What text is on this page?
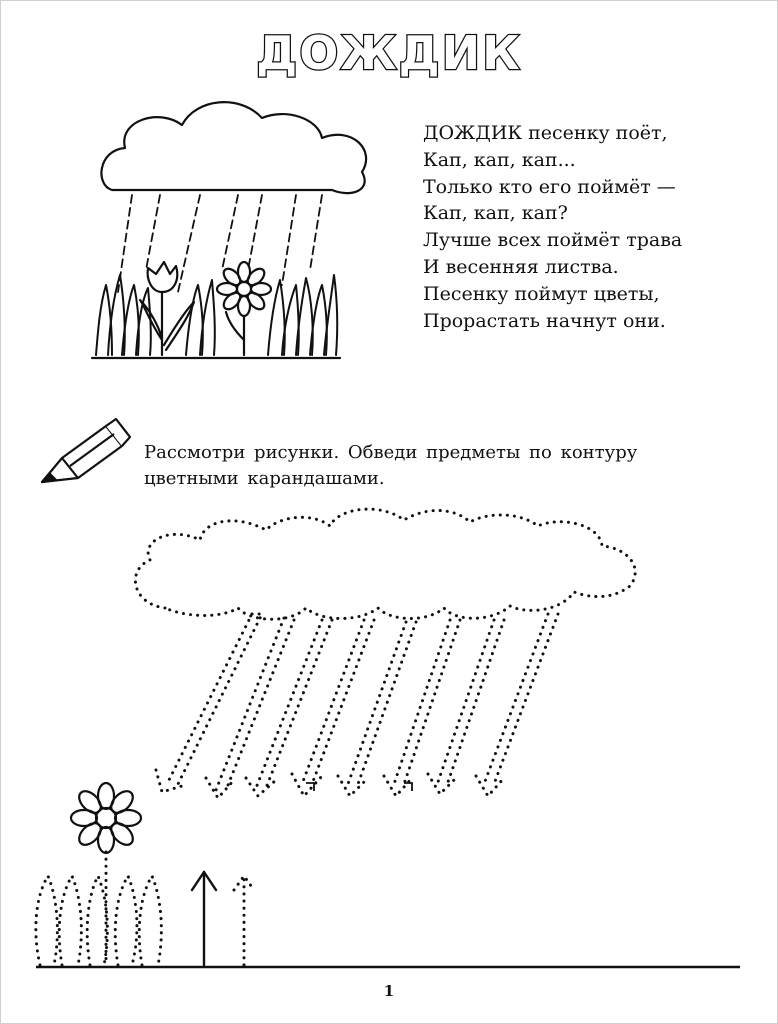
ДОЖДИК
ДОЖДИК песенку поёт,
Кап, кап, кап...
Только кто его поймёт —
Кап, кап, кап?
Лучше всех поймёт трава
И весенняя листва.
Песенку поймут цветы,
Прорастать начнут они.
Рассмотри рисунки. Обведи предметы по контуру
цветными карандашами.
1
